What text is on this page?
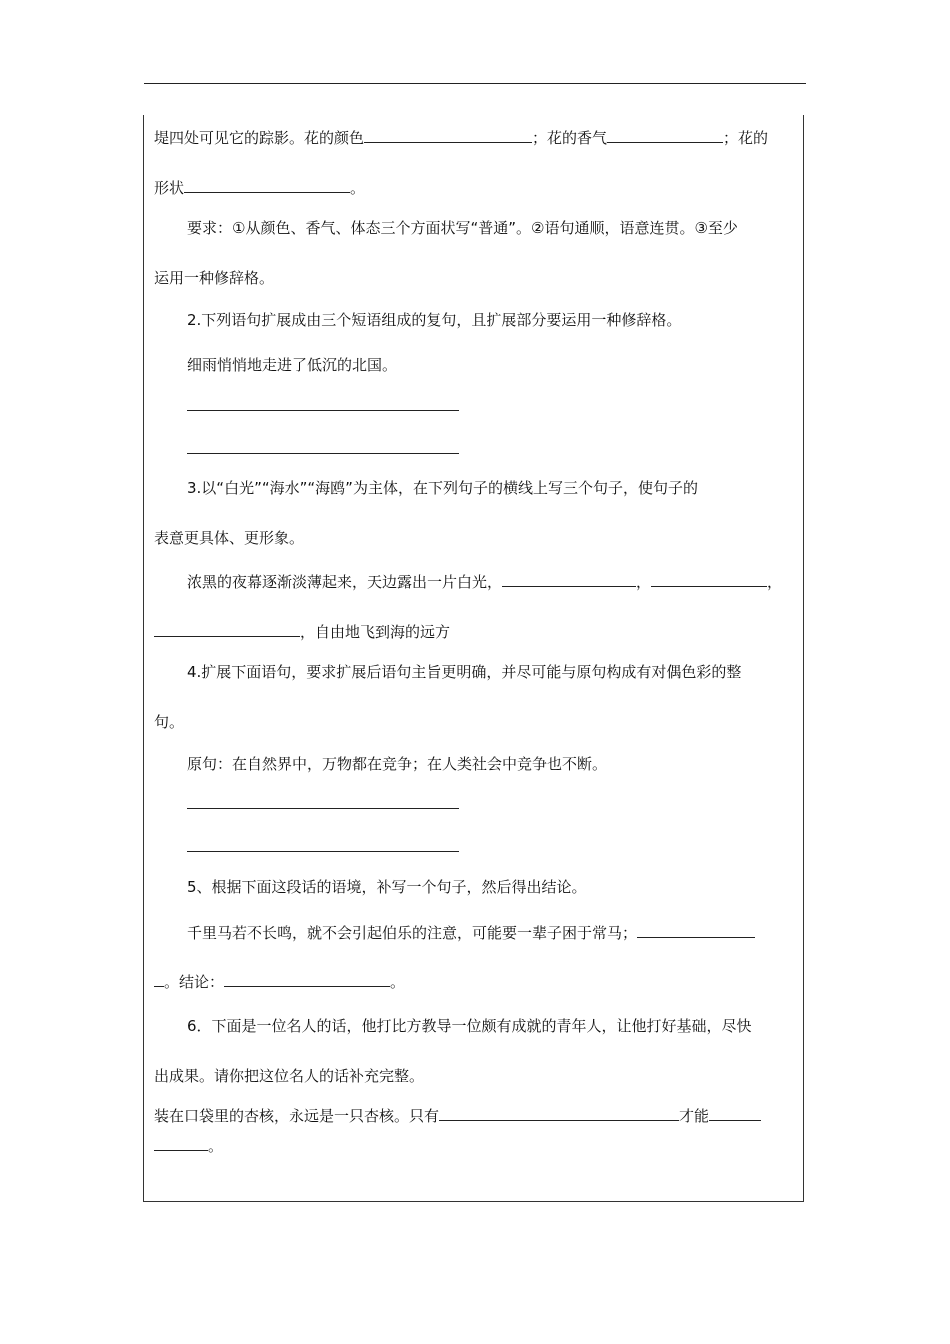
堤四处可见它的踪影。花的颜色	；花的香气	；花的
形状	。
要求：①从颜色、香气、体态三个方面状写“普通”。②语句通顺，语意连贯。③至少
运用一种修辞格。
2.下列语句扩展成由三个短语组成的复句，且扩展部分要运用一种修辞格。
细雨悄悄地走进了低沉的北国。
3.以“白光”“海水”“海鸥”为主体，在下列句子的横线上写三个句子，使句子的
表意更具体、更形象。
浓黑的夜幕逐渐淡薄起来，天边露出一片白光，	，	，
，自由地飞到海的远方
4.扩展下面语句，要求扩展后语句主旨更明确，并尽可能与原句构成有对偶色彩的整
句。
原句：在自然界中，万物都在竞争；在人类社会中竞争也不断。
5、根据下面这段话的语境，补写一个句子，然后得出结论。
千里马若不长鸣，就不会引起伯乐的注意，可能要一辈子困于常马；
。结论：	。
6．下面是一位名人的话，他打比方教导一位颇有成就的青年人，让他打好基础，尽快
出成果。请你把这位名人的话补充完整。
装在口袋里的杏核，永远是一只杏核。只有	才能
。
